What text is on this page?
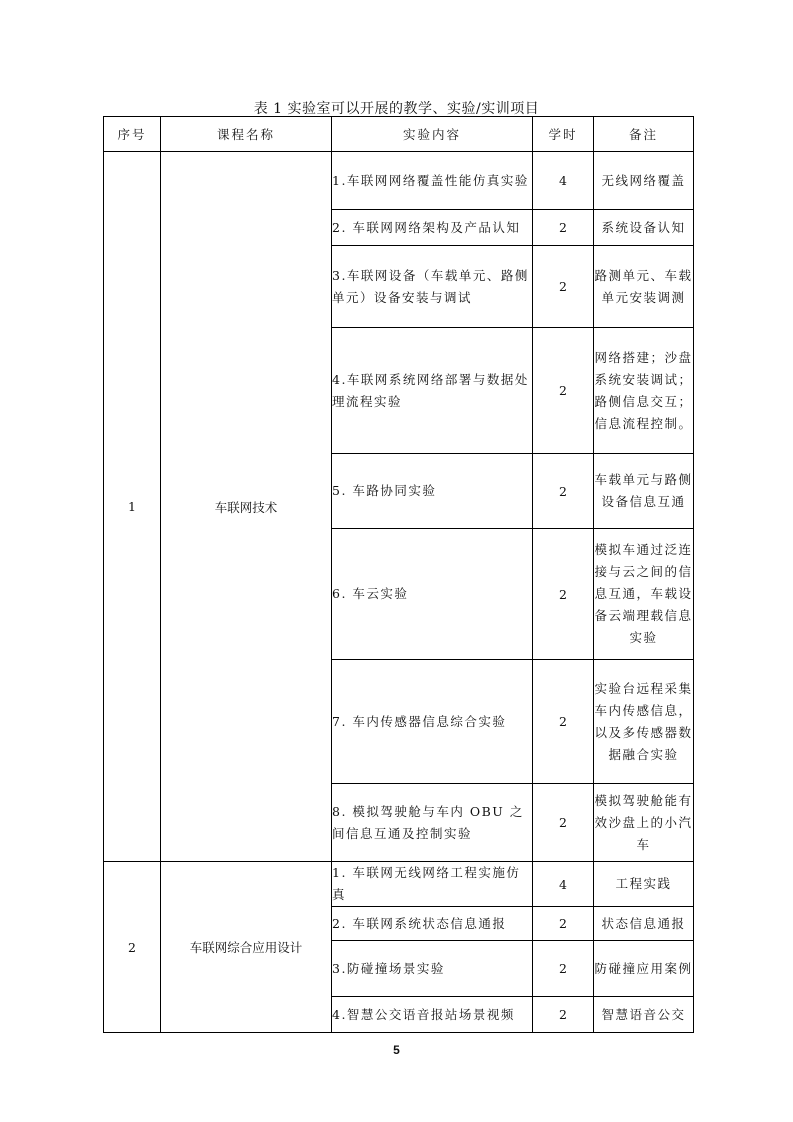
表 1 实验室可以开展的教学、实验/实训项目
序号	课程名称	实验内容	学时	备注
1	车联网技术	1.车联网网络覆盖性能仿真实验	4	无线网络覆盖
		2. 车联网网络架构及产品认知	2	系统设备认知
		3.车联网设备（车载单元、路侧单元）设备安装与调试	2	路测单元、车载单元安装调测
		4.车联网系统网络部署与数据处理流程实验	2	网络搭建；沙盘系统安装调试；路侧信息交互；信息流程控制。
		5. 车路协同实验	2	车载单元与路侧设备信息互通
		6. 车云实验	2	模拟车通过泛连接与云之间的信息互通，车载设备云端理载信息实验
		7. 车内传感器信息综合实验	2	实验台远程采集车内传感信息，以及多传感器数据融合实验
		8. 模拟驾驶舱与车内 OBU 之间信息互通及控制实验	2	模拟驾驶舱能有效沙盘上的小汽车
2	车联网综合应用设计	1. 车联网无线网络工程实施仿真	4	工程实践
		2. 车联网系统状态信息通报	2	状态信息通报
		3.防碰撞场景实验	2	防碰撞应用案例
		4.智慧公交语音报站场景视频	2	智慧语音公交
5
